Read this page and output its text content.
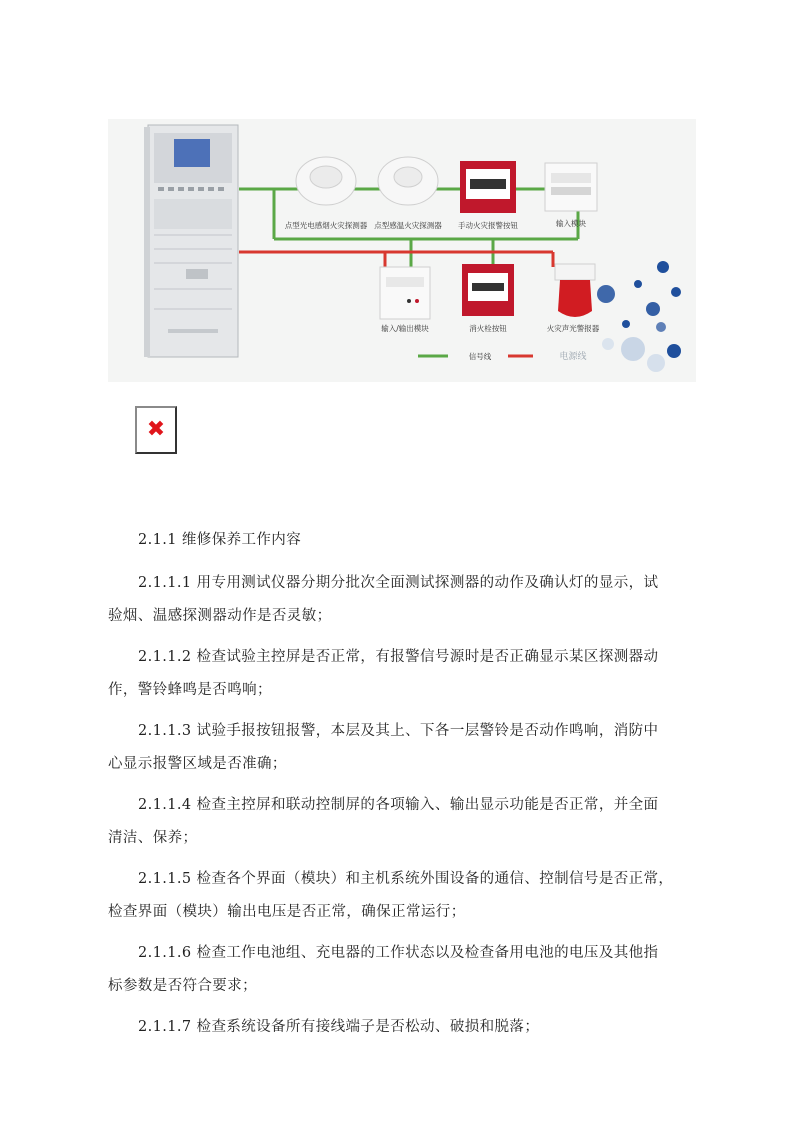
点型光电感烟火灾探测器 点型感温火灾探测器 手动火灾报警按钮	输入模块
输入/输出模块	消火栓按钮	火灾声光警报器
信号线	电源线
✖
2.1.1 维修保养工作内容
2.1.1.1 用专用测试仪器分期分批次全面测试探测器的动作及确认灯的显示，试
验烟、温感探测器动作是否灵敏；
2.1.1.2 检查试验主控屏是否正常，有报警信号源时是否正确显示某区探测器动
作，警铃蜂鸣是否鸣响；
2.1.1.3 试验手报按钮报警，本层及其上、下各一层警铃是否动作鸣响，消防中
心显示报警区域是否准确；
2.1.1.4 检查主控屏和联动控制屏的各项输入、输出显示功能是否正常，并全面
清洁、保养；
2.1.1.5 检查各个界面（模块）和主机系统外围设备的通信、控制信号是否正常，
检查界面（模块）输出电压是否正常，确保正常运行；
2.1.1.6 检查工作电池组、充电器的工作状态以及检查备用电池的电压及其他指
标参数是否符合要求；
2.1.1.7 检查系统设备所有接线端子是否松动、破损和脱落；
